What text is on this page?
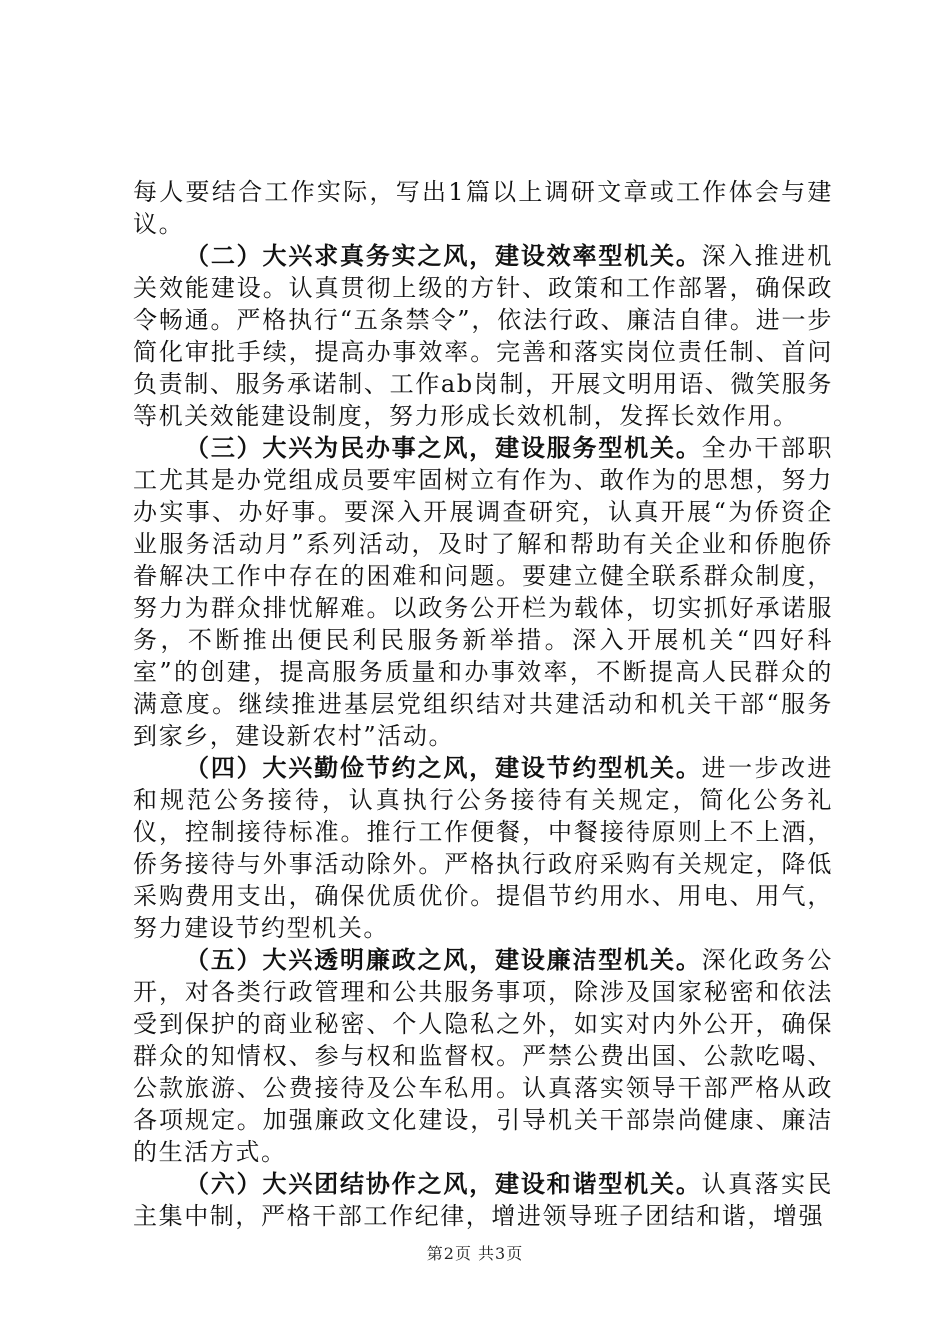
每人要结合工作实际，写出1篇以上调研文章或工作体会与建议。

（二）大兴求真务实之风，建设效率型机关。深入推进机关效能建设。认真贯彻上级的方针、政策和工作部署，确保政令畅通。严格执行“五条禁令”，依法行政、廉洁自律。进一步简化审批手续，提高办事效率。完善和落实岗位责任制、首问负责制、服务承诺制、工作ab岗制，开展文明用语、微笑服务等机关效能建设制度，努力形成长效机制，发挥长效作用。

（三）大兴为民办事之风，建设服务型机关。全办干部职工尤其是办党组成员要牢固树立有作为、敢作为的思想，努力办实事、办好事。要深入开展调查研究，认真开展“为侨资企业服务活动月”系列活动，及时了解和帮助有关企业和侨胞侨眷解决工作中存在的困难和问题。要建立健全联系群众制度，努力为群众排忧解难。以政务公开栏为载体，切实抓好承诺服务，不断推出便民利民服务新举措。深入开展机关“四好科室”的创建，提高服务质量和办事效率，不断提高人民群众的满意度。继续推进基层党组织结对共建活动和机关干部“服务到家乡，建设新农村”活动。

（四）大兴勤俭节约之风，建设节约型机关。进一步改进和规范公务接待，认真执行公务接待有关规定，简化公务礼仪，控制接待标准。推行工作便餐，中餐接待原则上不上酒，侨务接待与外事活动除外。严格执行政府采购有关规定，降低采购费用支出，确保优质优价。提倡节约用水、用电、用气，努力建设节约型机关。

（五）大兴透明廉政之风，建设廉洁型机关。深化政务公开，对各类行政管理和公共服务事项，除涉及国家秘密和依法受到保护的商业秘密、个人隐私之外，如实对内外公开，确保群众的知情权、参与权和监督权。严禁公费出国、公款吃喝、公款旅游、公费接待及公车私用。认真落实领导干部严格从政各项规定。加强廉政文化建设，引导机关干部崇尚健康、廉洁的生活方式。

（六）大兴团结协作之风，建设和谐型机关。认真落实民主集中制，严格干部工作纪律，增进领导班子团结和谐，增强

第2页 共3页
